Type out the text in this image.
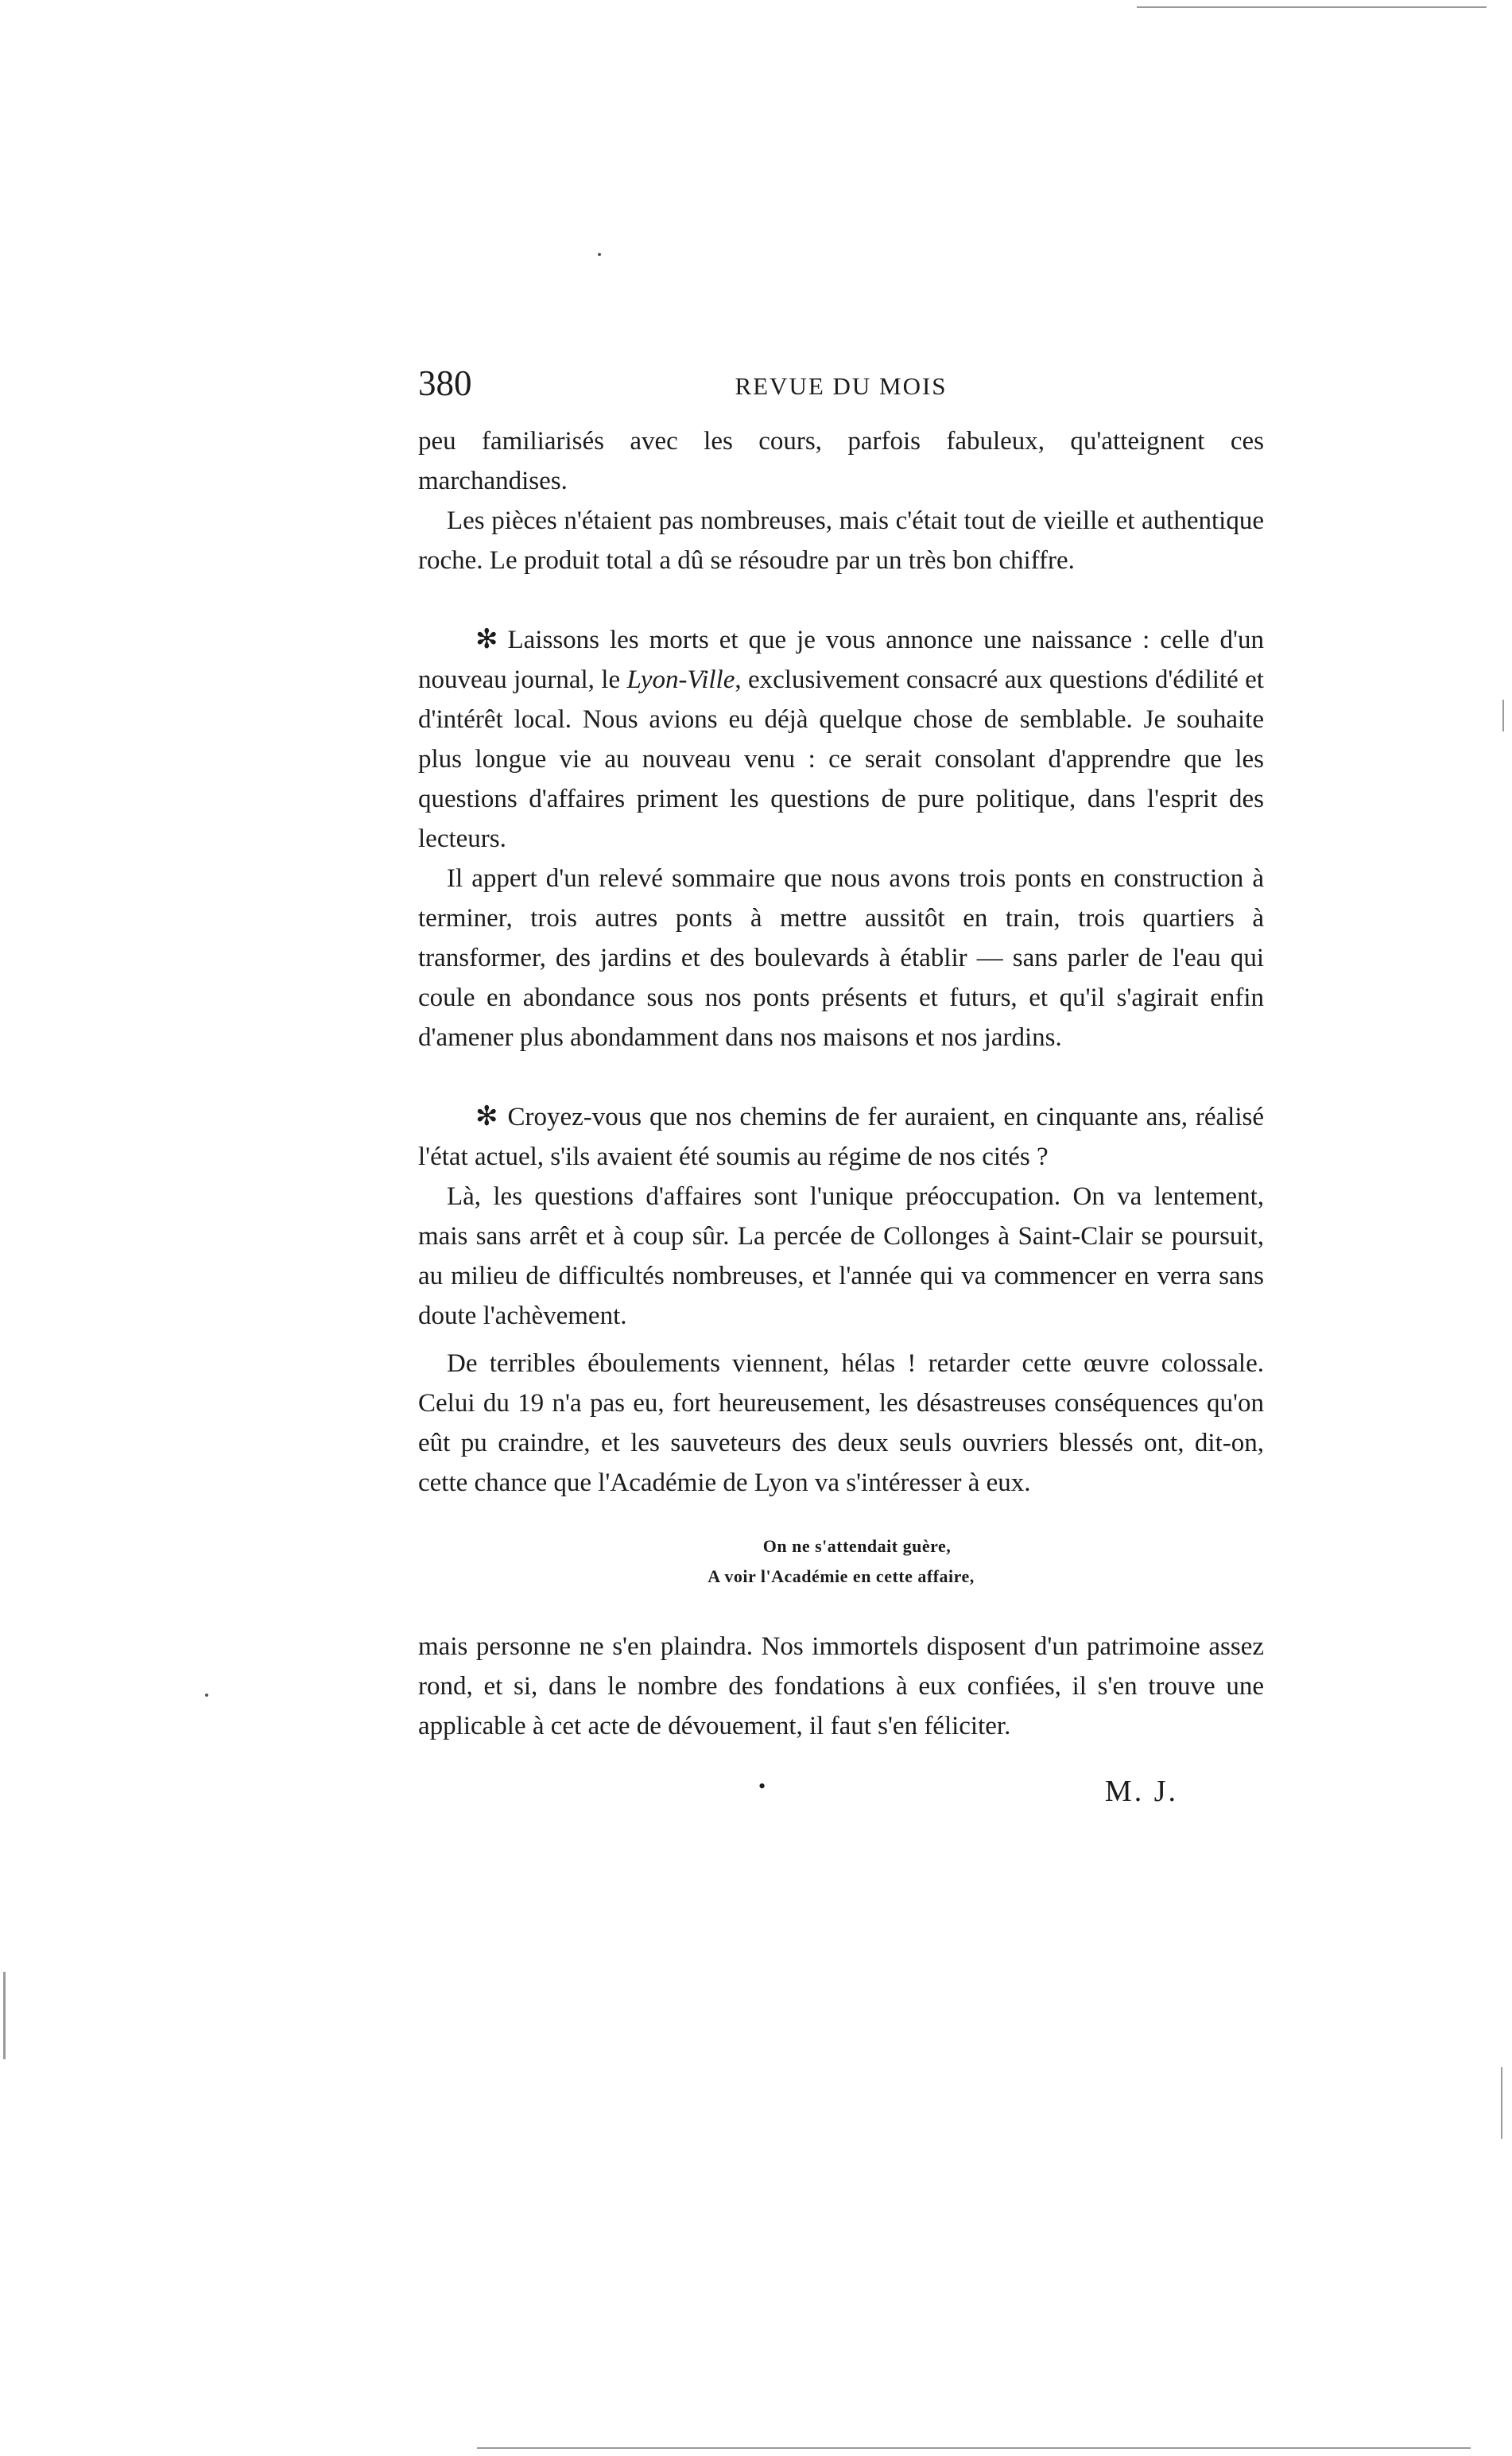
380	REVUE DU MOIS

peu familiarisés avec les cours, parfois fabuleux, qu'atteignent ces marchandises.

Les pièces n'étaient pas nombreuses, mais c'était tout de vieille et authentique roche. Le produit total a dû se résoudre par un très bon chiffre.

✻ Laissons les morts et que je vous annonce une naissance : celle d'un nouveau journal, le Lyon-Ville, exclusivement consacré aux questions d'édilité et d'intérêt local. Nous avions eu déjà quelque chose de semblable. Je souhaite plus longue vie au nouveau venu : ce serait consolant d'apprendre que les questions d'affaires priment les questions de pure politique, dans l'esprit des lecteurs.

Il appert d'un relevé sommaire que nous avons trois ponts en construction à terminer, trois autres ponts à mettre aussitôt en train, trois quartiers à transformer, des jardins et des boulevards à établir — sans parler de l'eau qui coule en abondance sous nos ponts présents et futurs, et qu'il s'agirait enfin d'amener plus abondamment dans nos maisons et nos jardins.

✻ Croyez-vous que nos chemins de fer auraient, en cinquante ans, réalisé l'état actuel, s'ils avaient été soumis au régime de nos cités ?

Là, les questions d'affaires sont l'unique préoccupation. On va lentement, mais sans arrêt et à coup sûr. La percée de Collonges à Saint-Clair se poursuit, au milieu de difficultés nombreuses, et l'année qui va commencer en verra sans doute l'achèvement.

De terribles éboulements viennent, hélas ! retarder cette œuvre colossale. Celui du 19 n'a pas eu, fort heureusement, les désastreuses conséquences qu'on eût pu craindre, et les sauveteurs des deux seuls ouvriers blessés ont, dit-on, cette chance que l'Académie de Lyon va s'intéresser à eux.

On ne s'attendait guère,
A voir l'Académie en cette affaire,

mais personne ne s'en plaindra. Nos immortels disposent d'un patrimoine assez rond, et si, dans le nombre des fondations à eux confiées, il s'en trouve une applicable à cet acte de dévouement, il faut s'en féliciter.

•	M. J.
